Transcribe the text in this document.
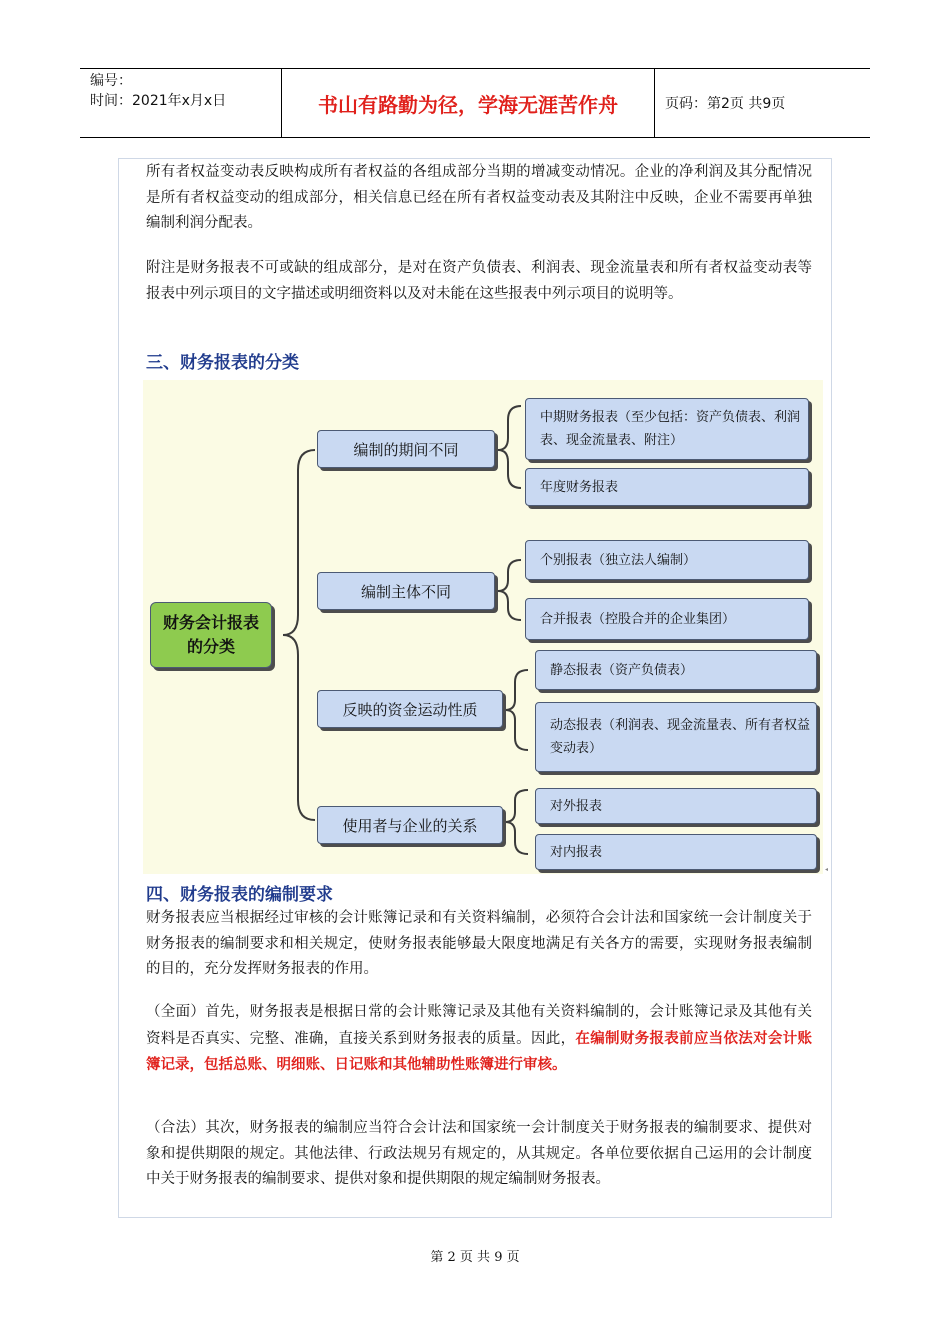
编号：
时间：2021年x月x日	书山有路勤为径，学海无涯苦作舟	页码：第2页 共9页
所有者权益变动表反映构成所有者权益的各组成部分当期的增减变动情况。企业的净利润及其分配情况是所有者权益变动的组成部分，相关信息已经在所有者权益变动表及其附注中反映，企业不需要再单独编制利润分配表。
附注是财务报表不可或缺的组成部分，是对在资产负债表、利润表、现金流量表和所有者权益变动表等报表中列示项目的文字描述或明细资料以及对未能在这些报表中列示项目的说明等。
三、财务报表的分类
财务会计报表的分类
编制的期间不同
中期财务报表（至少包括：资产负债表、利润表、现金流量表、附注）
年度财务报表
编制主体不同
个别报表（独立法人编制）
合并报表（控股合并的企业集团）
反映的资金运动性质
静态报表（资产负债表）
动态报表（利润表、现金流量表、所有者权益变动表）
使用者与企业的关系
对外报表
对内报表
◂
四、财务报表的编制要求
财务报表应当根据经过审核的会计账簿记录和有关资料编制，必须符合会计法和国家统一会计制度关于财务报表的编制要求和相关规定，使财务报表能够最大限度地满足有关各方的需要，实现财务报表编制的目的，充分发挥财务报表的作用。
（全面）首先，财务报表是根据日常的会计账簿记录及其他有关资料编制的，会计账簿记录及其他有关资料是否真实、完整、准确，直接关系到财务报表的质量。因此，在编制财务报表前应当依法对会计账簿记录，包括总账、明细账、日记账和其他辅助性账簿进行审核。
（合法）其次，财务报表的编制应当符合会计法和国家统一会计制度关于财务报表的编制要求、提供对象和提供期限的规定。其他法律、行政法规另有规定的，从其规定。各单位要依据自己运用的会计制度中关于财务报表的编制要求、提供对象和提供期限的规定编制财务报表。
第 2 页 共 9 页
